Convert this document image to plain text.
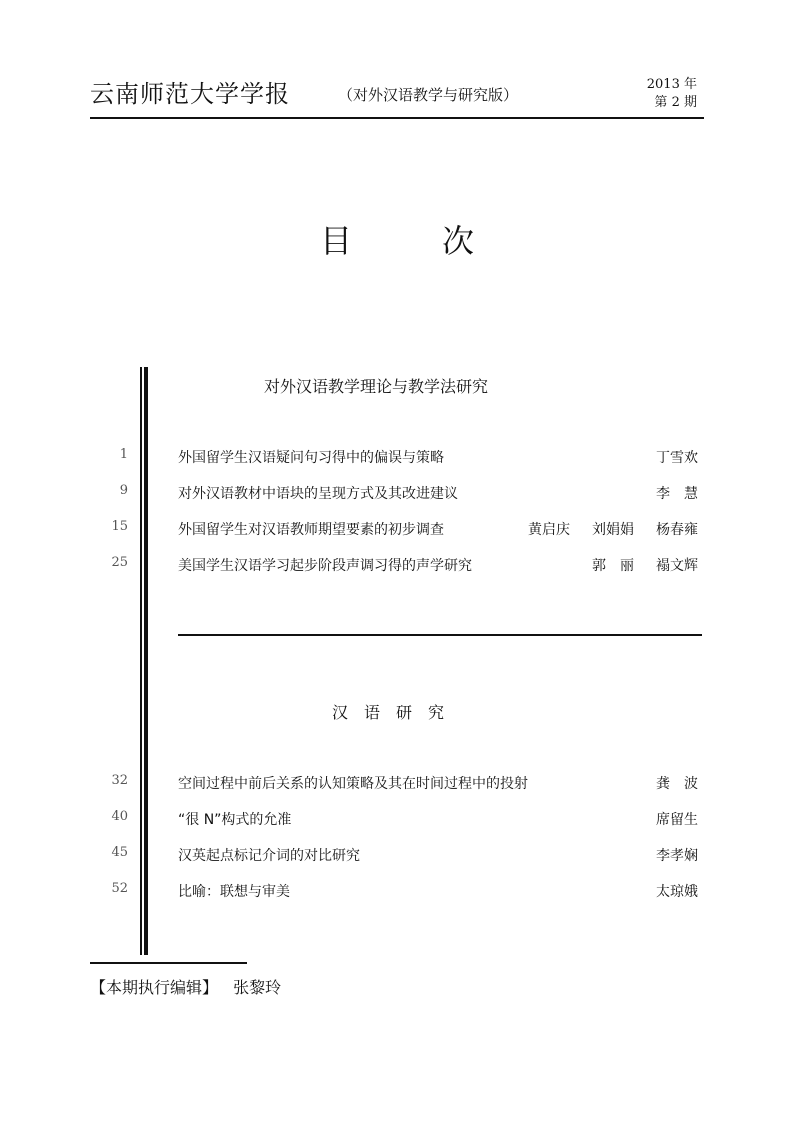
云南师范大学学报	（对外汉语教学与研究版）
2013 年
第 2 期
目	次
对外汉语教学理论与教学法研究
1	外国留学生汉语疑问句习得中的偏误与策略	丁雪欢
9	对外汉语教材中语块的呈现方式及其改进建议	李　慧
15	外国留学生对汉语教师期望要素的初步调查	黄启庆 刘娟娟 杨春雍
25	美国学生汉语学习起步阶段声调习得的声学研究	郭　丽 褟文辉
汉　语　研　究
32	空间过程中前后关系的认知策略及其在时间过程中的投射	龚　波
40	“很 N”构式的允准	席留生
45	汉英起点标记介词的对比研究	李孝娴
52	比喻：联想与审美	太琼娥
【本期执行编辑】 张黎玲
